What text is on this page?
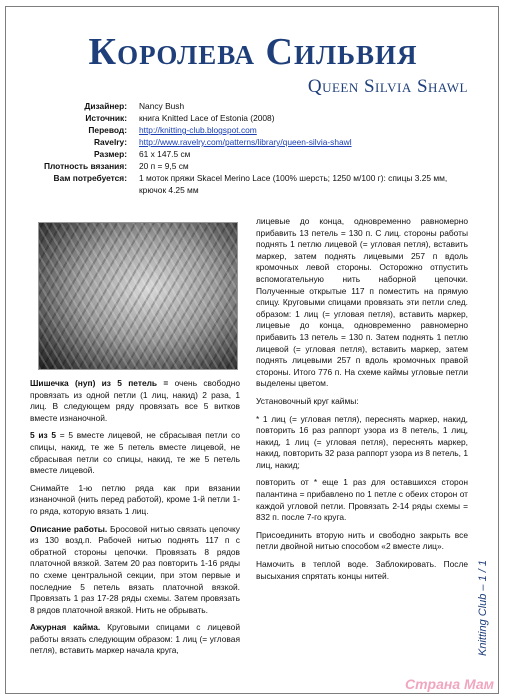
Королева Сильвия
Queen Silvia Shawl
Дизайнер:	Nancy Bush
Источник:	книга Knitted Lace of Estonia (2008)
Перевод:	http://knitting-club.blogspot.com
Ravelry:	http://www.ravelry.com/patterns/library/queen-silvia-shawl
Размер:	61 х 147.5 см
Плотность вязания:	20 п = 9,5 см
Вам потребуется:	1 моток пряжи Skacel Merino Lace (100% шерсть; 1250 м/100 г): спицы 3.25 мм, крючок 4.25 мм

Шишечка (нуп) из 5 петель = очень свободно провязать из одной петли (1 лиц, накид) 2 раза, 1 лиц. В следующем ряду провязать все 5 витков вместе изнаночной.

5 из 5 = 5 вместе лицевой, не сбрасывая петли со спицы, накид, те же 5 петель вместе лицевой, не сбрасывая петли со спицы, накид, те же 5 петель вместе лицевой.

Снимайте 1-ю петлю ряда как при вязании изнаночной (нить перед работой), кроме 1-й петли 1-го ряда, которую вязать 1 лиц.

Описание работы. Бросовой нитью связать цепочку из 130 возд.п. Рабочей нитью поднять 117 п с обратной стороны цепочки. Провязать 8 рядов платочной вязкой. Затем 20 раз повторить 1-16 ряды по схеме центральной секции, при этом первые и последние 5 петель вязать платочной вязкой. Провязать 1 раз 17-28 ряды схемы. Затем провязать 8 рядов платочной вязкой. Нить не обрывать.

Ажурная кайма. Круговыми спицами с лицевой работы вязать следующим образом: 1 лиц (= угловая петля), вставить маркер начала круга,

лицевые до конца, одновременно равномерно прибавить 13 петель = 130 п. С лиц. стороны работы поднять 1 петлю лицевой (= угловая петля), вставить маркер, затем поднять лицевыми 257 п вдоль кромочных левой стороны. Осторожно отпустить вспомогательную нить наборной цепочки. Полученные открытые 117 п поместить на прямую спицу. Круговыми спицами провязать эти петли след. образом: 1 лиц (= угловая петля), вставить маркер, лицевые до конца, одновременно равномерно прибавить 13 петель = 130 п. Затем поднять 1 петлю лицевой (= угловая петля), вставить маркер, затем поднять лицевыми 257 п вдоль кромочных правой стороны. Итого 776 п. На схеме каймы угловые петли выделены цветом.

Установочный круг каймы:

* 1 лиц (= угловая петля), переснять маркер, накид, повторить 16 раз раппорт узора из 8 петель, 1 лиц, накид, 1 лиц (= угловая петля), переснять маркер, накид, повторить 32 раза раппорт узора из 8 петель, 1 лиц, накид;

повторить от * еще 1 раз для оставшихся сторон палантина = прибавлено по 1 петле с обеих сторон от каждой угловой петли. Провязать 2-14 ряды схемы = 832 п. после 7-го круга.

Присоединить вторую нить и свободно закрыть все петли двойной нитью способом «2 вместе лиц».

Намочить в теплой воде. Заблокировать. После высыхания спрятать концы нитей.	Knitting Club – 1 / 1
Страна Мам
